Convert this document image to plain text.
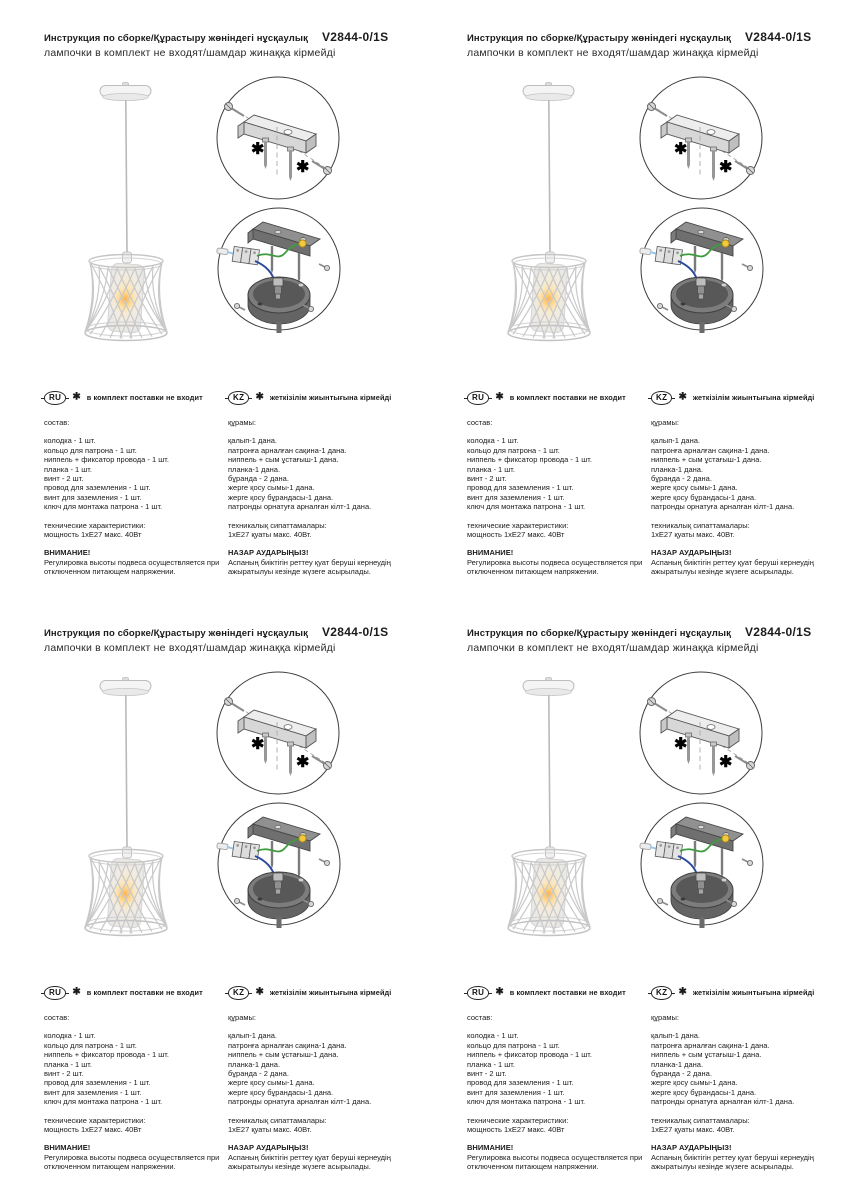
Инструкция по сборке/Құрастыру жөніндегі нұсқаулық V2844-0/1S
лампочки в комплект не входят/шамдар жинаққа кірмейді
✱
✱
RU	✱ в комплект поставки не входит
состав:
колодка - 1 шт.
кольцо для патрона - 1 шт.
ниппель + фиксатор провода - 1 шт.
планка - 1 шт.
винт - 2 шт.
провод для заземления - 1 шт.
винт для заземления - 1 шт.
ключ для монтажа патрона - 1 шт.
технические характеристики:
мощность 1хЕ27 макс. 40Вт
ВНИМАНИЕ!
Регулировка высоты подвеса осуществляется при отключенном питающем напряжении.
KZ	✱ жеткізілім жиынтығына кірмейді
құрамы:
қалып-1 дана.
патронға арналған сақина-1 дана.
ниппель + сым ұстағыш-1 дана.
планка-1 дана.
бұранда - 2 дана.
жерге қосу сымы-1 дана.
жерге қосу бұрандасы-1 дана.
патронды орнатуға арналған кілт-1 дана.
техникалық сипаттамалары:
1хЕ27 қуаты макс. 40Вт.
НАЗАР АУДАРЫҢЫЗ!
Аспаның биіктігін реттеу қуат беруші кернеудің ажыратылуы кезінде жүзеге асырылады.
Инструкция по сборке/Құрастыру жөніндегі нұсқаулық V2844-0/1S
лампочки в комплект не входят/шамдар жинаққа кірмейді
✱
✱
RU	✱ в комплект поставки не входит
состав:
колодка - 1 шт.
кольцо для патрона - 1 шт.
ниппель + фиксатор провода - 1 шт.
планка - 1 шт.
винт - 2 шт.
провод для заземления - 1 шт.
винт для заземления - 1 шт.
ключ для монтажа патрона - 1 шт.
технические характеристики:
мощность 1хЕ27 макс. 40Вт
ВНИМАНИЕ!
Регулировка высоты подвеса осуществляется при отключенном питающем напряжении.
KZ	✱ жеткізілім жиынтығына кірмейді
құрамы:
қалып-1 дана.
патронға арналған сақина-1 дана.
ниппель + сым ұстағыш-1 дана.
планка-1 дана.
бұранда - 2 дана.
жерге қосу сымы-1 дана.
жерге қосу бұрандасы-1 дана.
патронды орнатуға арналған кілт-1 дана.
техникалық сипаттамалары:
1хЕ27 қуаты макс. 40Вт.
НАЗАР АУДАРЫҢЫЗ!
Аспаның биіктігін реттеу қуат беруші кернеудің ажыратылуы кезінде жүзеге асырылады.
Инструкция по сборке/Құрастыру жөніндегі нұсқаулық V2844-0/1S
лампочки в комплект не входят/шамдар жинаққа кірмейді
✱
✱
RU	✱ в комплект поставки не входит
состав:
колодка - 1 шт.
кольцо для патрона - 1 шт.
ниппель + фиксатор провода - 1 шт.
планка - 1 шт.
винт - 2 шт.
провод для заземления - 1 шт.
винт для заземления - 1 шт.
ключ для монтажа патрона - 1 шт.
технические характеристики:
мощность 1хЕ27 макс. 40Вт
ВНИМАНИЕ!
Регулировка высоты подвеса осуществляется при отключенном питающем напряжении.
KZ	✱ жеткізілім жиынтығына кірмейді
құрамы:
қалып-1 дана.
патронға арналған сақина-1 дана.
ниппель + сым ұстағыш-1 дана.
планка-1 дана.
бұранда - 2 дана.
жерге қосу сымы-1 дана.
жерге қосу бұрандасы-1 дана.
патронды орнатуға арналған кілт-1 дана.
техникалық сипаттамалары:
1хЕ27 қуаты макс. 40Вт.
НАЗАР АУДАРЫҢЫЗ!
Аспаның биіктігін реттеу қуат беруші кернеудің ажыратылуы кезінде жүзеге асырылады.
Инструкция по сборке/Құрастыру жөніндегі нұсқаулық V2844-0/1S
лампочки в комплект не входят/шамдар жинаққа кірмейді
✱
✱
RU	✱ в комплект поставки не входит
состав:
колодка - 1 шт.
кольцо для патрона - 1 шт.
ниппель + фиксатор провода - 1 шт.
планка - 1 шт.
винт - 2 шт.
провод для заземления - 1 шт.
винт для заземления - 1 шт.
ключ для монтажа патрона - 1 шт.
технические характеристики:
мощность 1хЕ27 макс. 40Вт
ВНИМАНИЕ!
Регулировка высоты подвеса осуществляется при отключенном питающем напряжении.
KZ	✱ жеткізілім жиынтығына кірмейді
құрамы:
қалып-1 дана.
патронға арналған сақина-1 дана.
ниппель + сым ұстағыш-1 дана.
планка-1 дана.
бұранда - 2 дана.
жерге қосу сымы-1 дана.
жерге қосу бұрандасы-1 дана.
патронды орнатуға арналған кілт-1 дана.
техникалық сипаттамалары:
1хЕ27 қуаты макс. 40Вт.
НАЗАР АУДАРЫҢЫЗ!
Аспаның биіктігін реттеу қуат беруші кернеудің ажыратылуы кезінде жүзеге асырылады.
